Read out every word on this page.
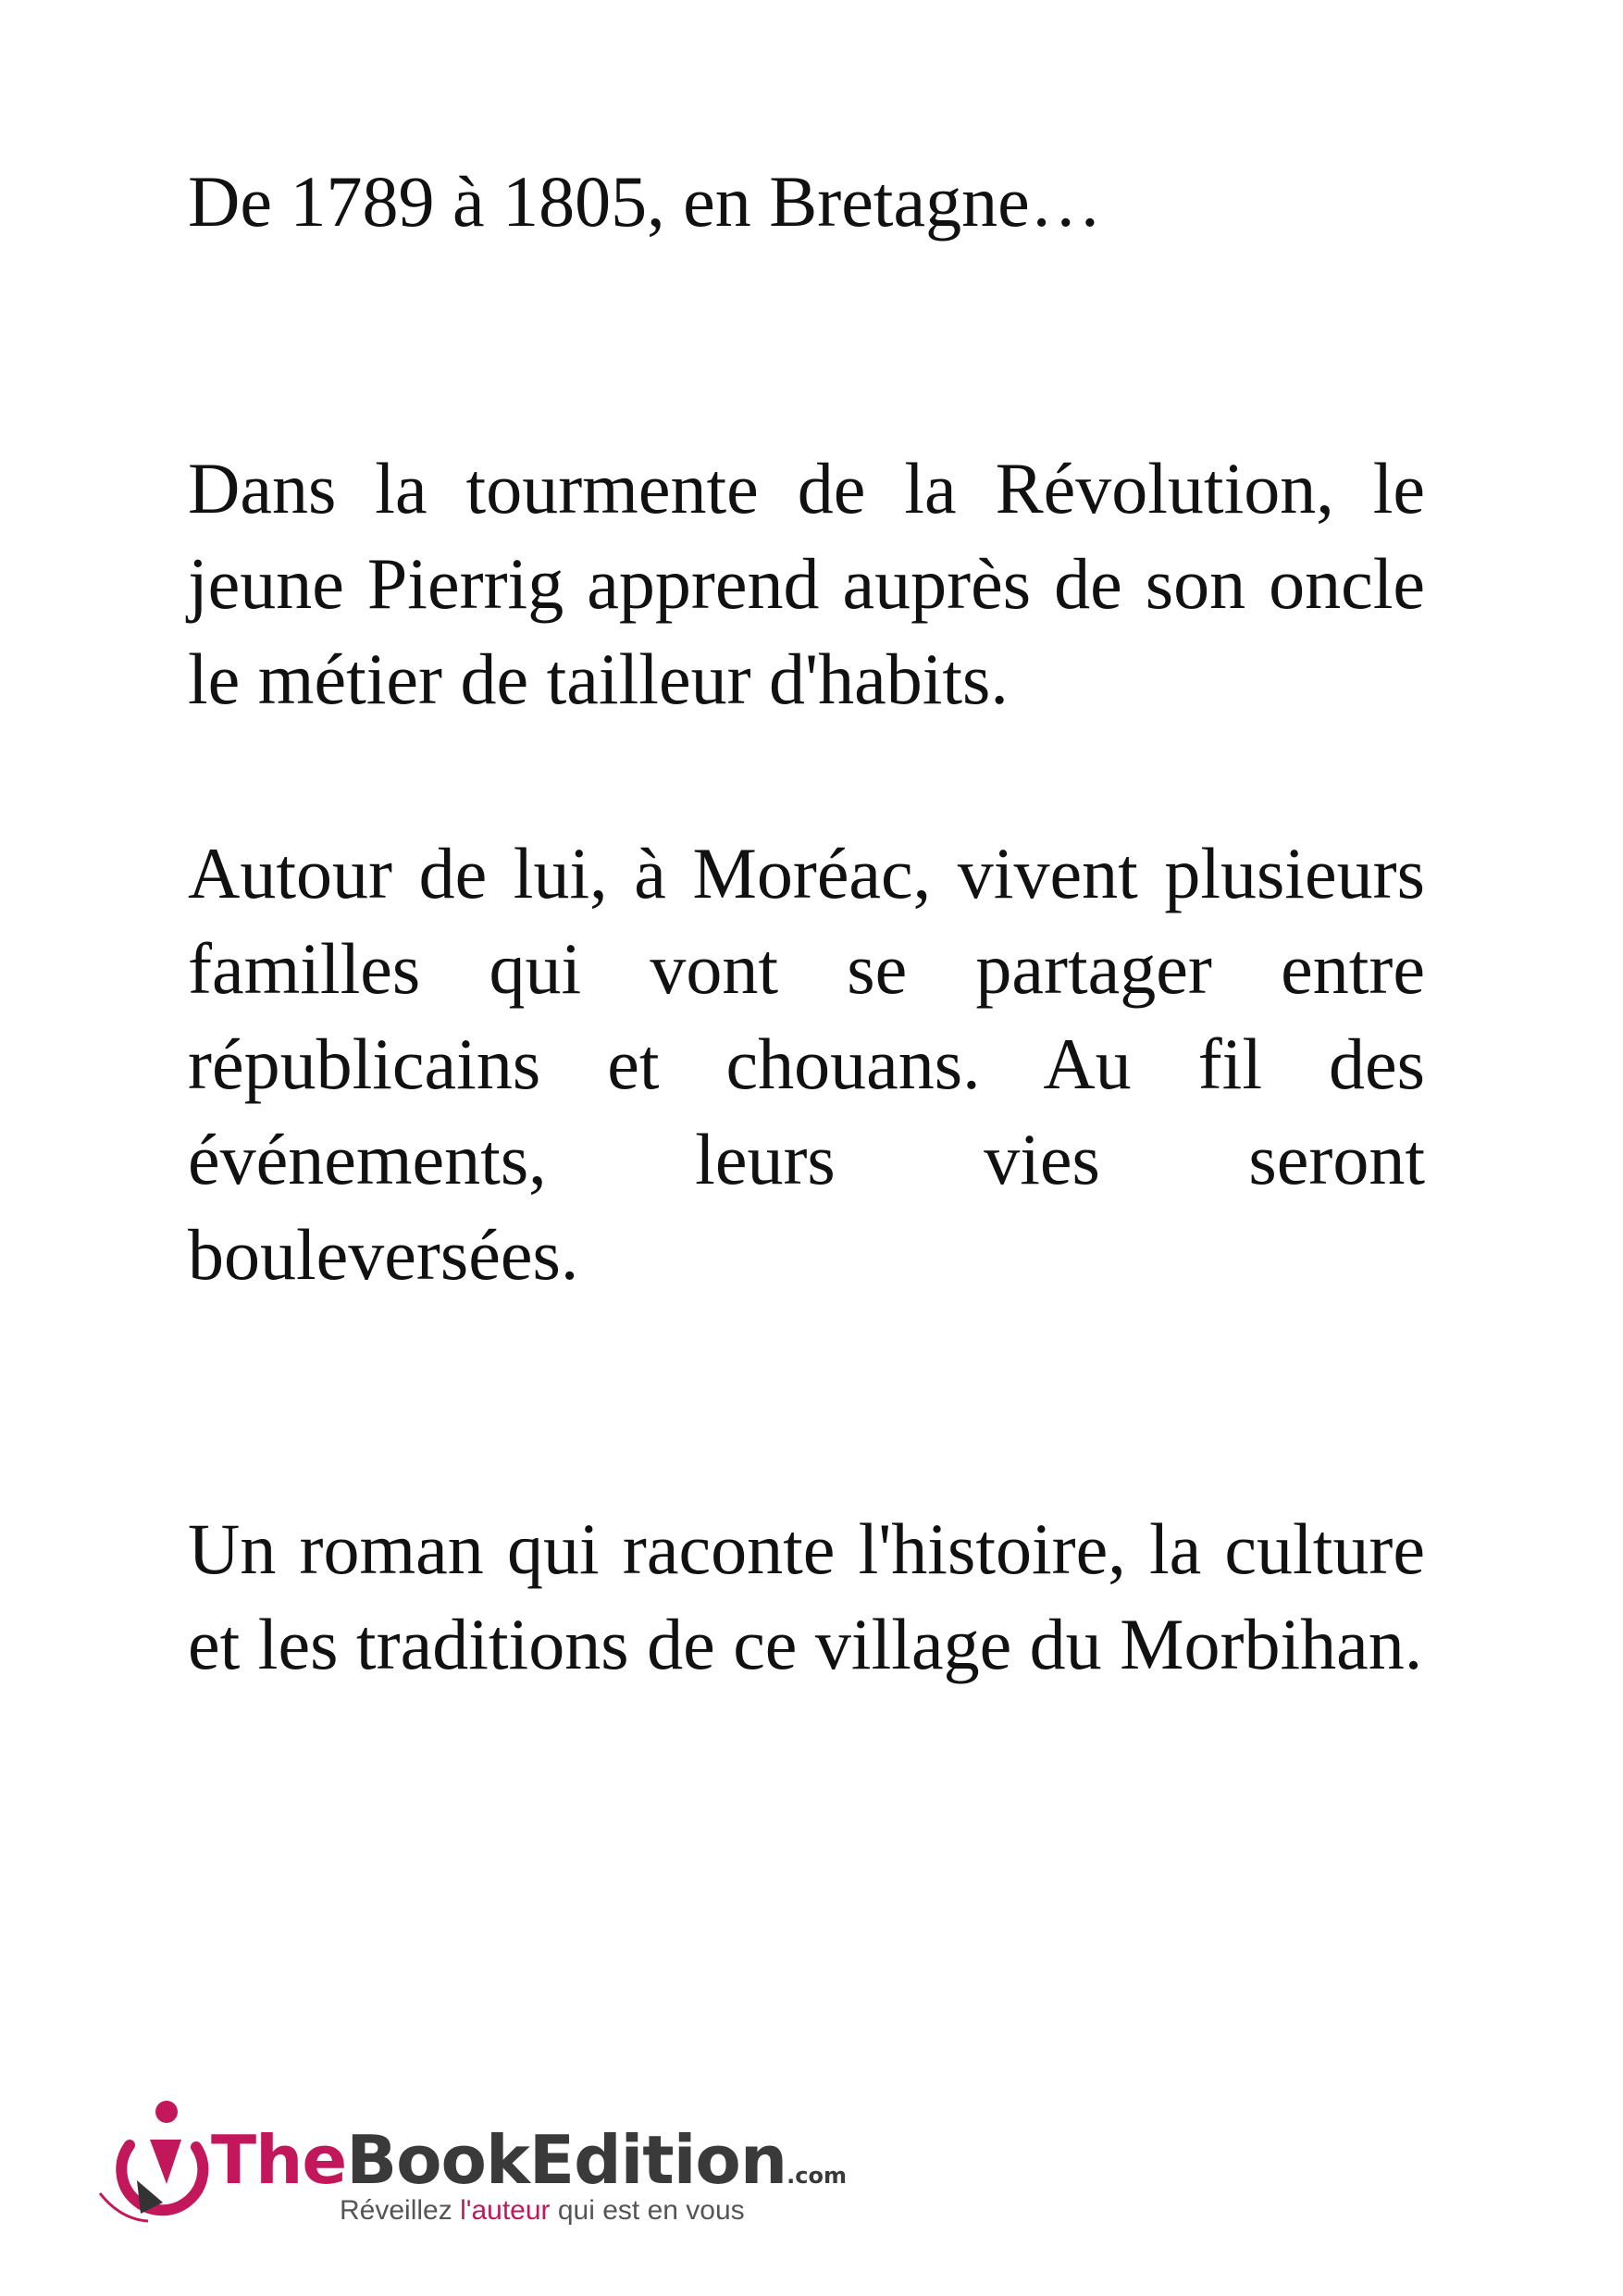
De 1789 à 1805, en Bretagne…

Dans la tourmente de la Révolution, le jeune Pierrig apprend auprès de son oncle le métier de tailleur d'habits.

Autour de lui, à Moréac, vivent plusieurs familles qui vont se partager entre républicains et chouans. Au fil des événements, leurs vies seront bouleversées.

Un roman qui raconte l'histoire, la culture et les traditions de ce village du Morbihan.

TheBookEdition.com
Réveillez l'auteur qui est en vous
